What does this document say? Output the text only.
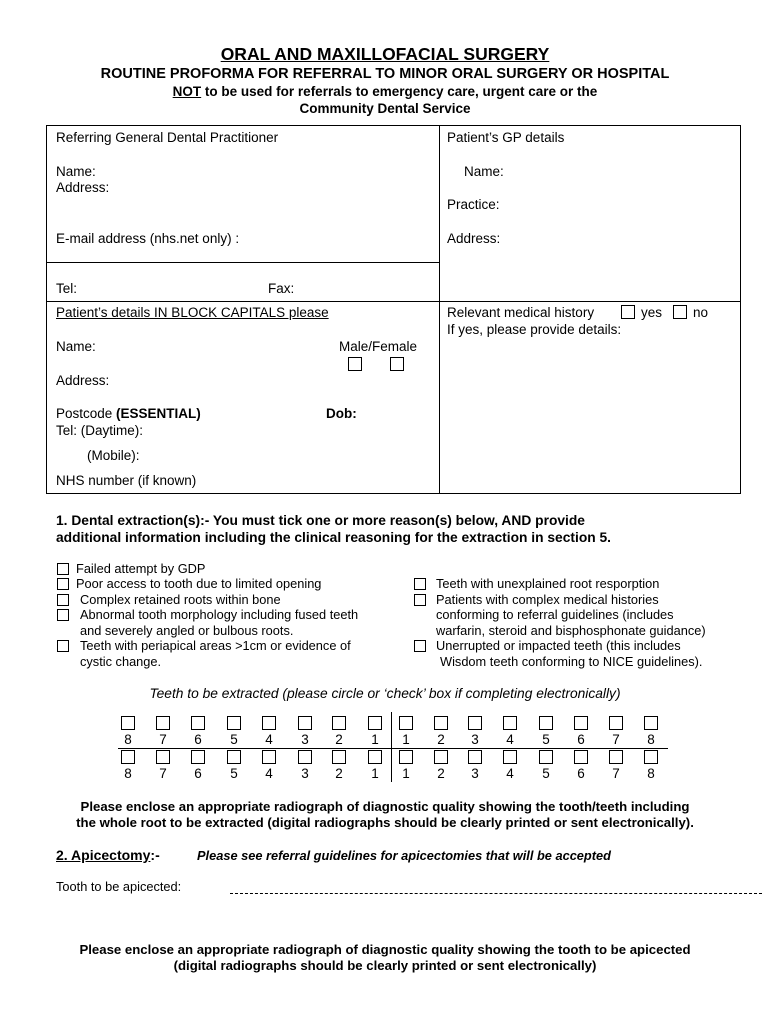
ORAL AND MAXILLOFACIAL SURGERY
ROUTINE PROFORMA FOR REFERRAL TO MINOR ORAL SURGERY OR HOSPITAL
NOT to be used for referrals to emergency care, urgent care or the
Community Dental Service
Referring General Dental Practitioner
Name:
Address:
E-mail address (nhs.net only) :
Tel:	Fax:
Patient’s GP details
Name:
Practice:
Address:
Patient’s details IN BLOCK CAPITALS please
Name:	Male/Female
Address:
Postcode (ESSENTIAL)	Dob:
Tel: (Daytime):
(Mobile):
NHS number (if known)
Relevant medical history	yes no
If yes, please provide details:
1. Dental extraction(s):- You must tick one or more reason(s) below, AND provide
additional information including the clinical reasoning for the extraction in section 5.
Failed attempt by GDP
Poor access to tooth due to limited opening
Complex retained roots within bone
Abnormal tooth morphology including fused teeth
and severely angled or bulbous roots.
Teeth with periapical areas >1cm or evidence of
cystic change.
Teeth with unexplained root resporption
Patients with complex medical histories
conforming to referral guidelines (includes
warfarin, steroid and bisphosphonate guidance)
Unerrupted or impacted teeth (this includes
Wisdom teeth conforming to NICE guidelines).
Teeth to be extracted (please circle or ‘check’ box if completing electronically)
8	7	6	5	4	3	2	1	1	2	3	4	5	6	7	8
8	7	6	5	4	3	2	1	1	2	3	4	5	6	7	8
Please enclose an appropriate radiograph of diagnostic quality showing the tooth/teeth including
the whole root to be extracted (digital radiographs should be clearly printed or sent electronically).
2. Apicectomy:-	Please see referral guidelines for apicectomies that will be accepted
Tooth to be apicected:
Please enclose an appropriate radiograph of diagnostic quality showing the tooth to be apicected
(digital radiographs should be clearly printed or sent electronically)
